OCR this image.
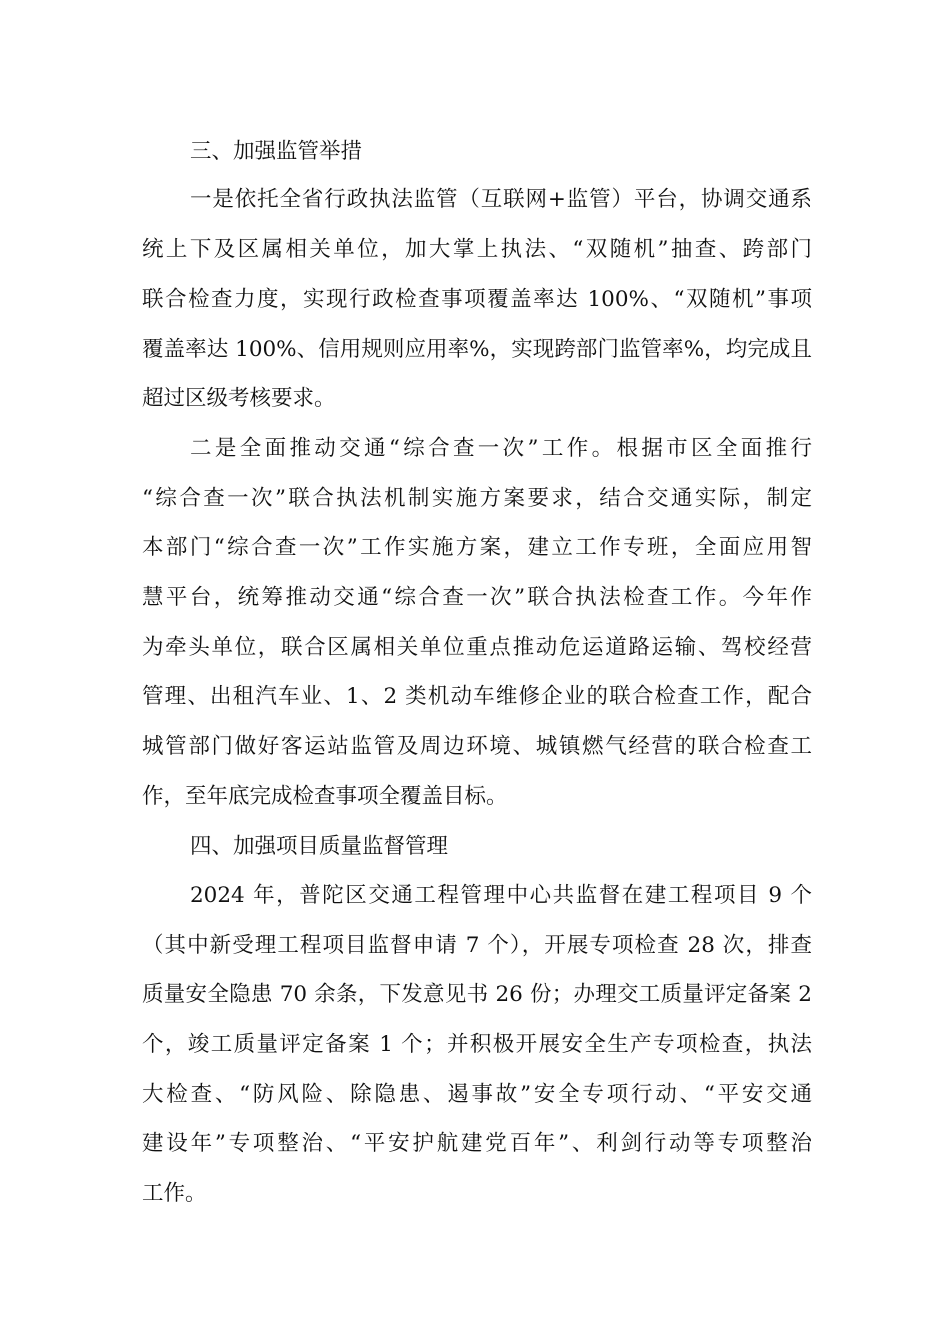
三、加强监管举措
一是依托全省行政执法监管（互联网+监管）平台，协调交通系
统上下及区属相关单位，加大掌上执法、“双随机”抽查、跨部门
联合检查力度，实现行政检查事项覆盖率达 100%、“双随机”事项
覆盖率达 100%、信用规则应用率%，实现跨部门监管率%，均完成且
超过区级考核要求。
二是全面推动交通“综合查一次”工作。根据市区全面推行
“综合查一次”联合执法机制实施方案要求，结合交通实际，制定
本部门“综合查一次”工作实施方案，建立工作专班，全面应用智
慧平台，统筹推动交通“综合查一次”联合执法检查工作。今年作
为牵头单位，联合区属相关单位重点推动危运道路运输、驾校经营
管理、出租汽车业、1、2 类机动车维修企业的联合检查工作，配合
城管部门做好客运站监管及周边环境、城镇燃气经营的联合检查工
作，至年底完成检查事项全覆盖目标。
四、加强项目质量监督管理
2024 年，普陀区交通工程管理中心共监督在建工程项目 9 个
（其中新受理工程项目监督申请 7 个），开展专项检查 28 次，排查
质量安全隐患 70 余条，下发意见书 26 份；办理交工质量评定备案 2
个，竣工质量评定备案 1 个；并积极开展安全生产专项检查，执法
大检查、“防风险、除隐患、遏事故”安全专项行动、“平安交通
建设年”专项整治、“平安护航建党百年”、利剑行动等专项整治
工作。
